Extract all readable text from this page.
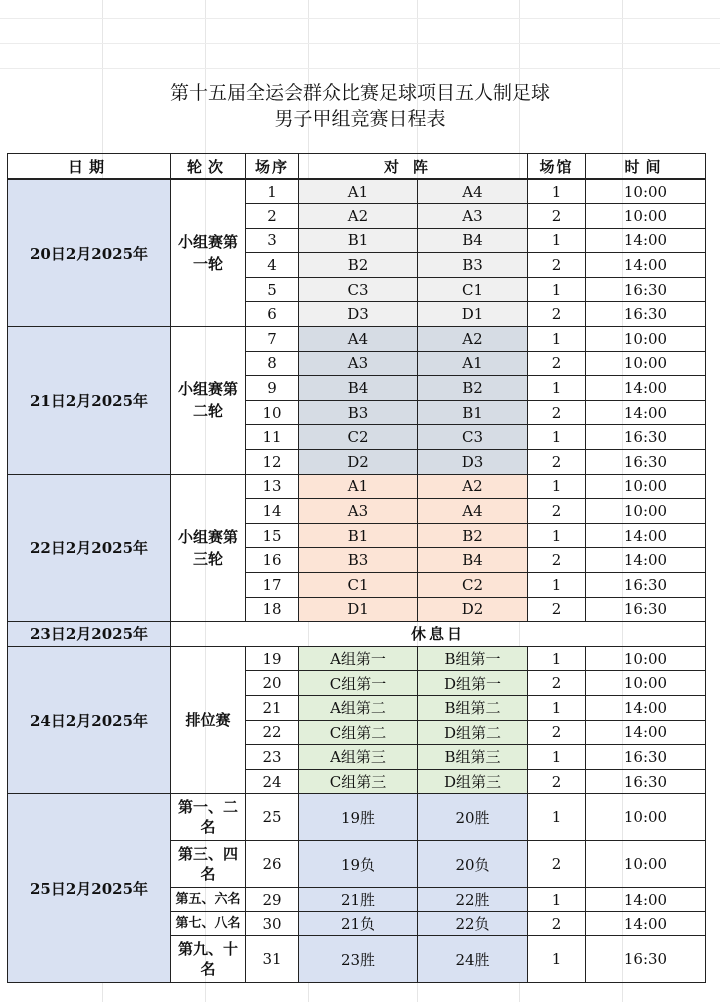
第十五届全运会群众比赛足球项目五人制足球
男子甲组竞赛日程表
日期	轮次	场序	对阵		场馆	时间
20日2月2025年	小组赛第一轮	1	A1	A4	1	10:00
		2	A2	A3	2	10:00
		3	B1	B4	1	14:00
		4	B2	B3	2	14:00
		5	C3	C1	1	16:30
		6	D3	D1	2	16:30
21日2月2025年	小组赛第二轮	7	A4	A2	1	10:00
		8	A3	A1	2	10:00
		9	B4	B2	1	14:00
		10	B3	B1	2	14:00
		11	C2	C3	1	16:30
		12	D2	D3	2	16:30
22日2月2025年	小组赛第三轮	13	A1	A2	1	10:00
		14	A3	A4	2	10:00
		15	B1	B2	1	14:00
		16	B3	B4	2	14:00
		17	C1	C2	1	16:30
		18	D1	D2	2	16:30
23日2月2025年	休息日					
24日2月2025年	排位赛	19	A组第一	B组第一	1	10:00
		20	C组第一	D组第一	2	10:00
		21	A组第二	B组第二	1	14:00
		22	C组第二	D组第二	2	14:00
		23	A组第三	B组第三	1	16:30
		24	C组第三	D组第三	2	16:30
25日2月2025年	第一、二名	25	19胜	20胜	1	10:00
	第三、四名	26	19负	20负	2	10:00
	第五、六名	29	21胜	22胜	1	14:00
	第七、八名	30	21负	22负	2	14:00
	第九、十名	31	23胜	24胜	1	16:30
